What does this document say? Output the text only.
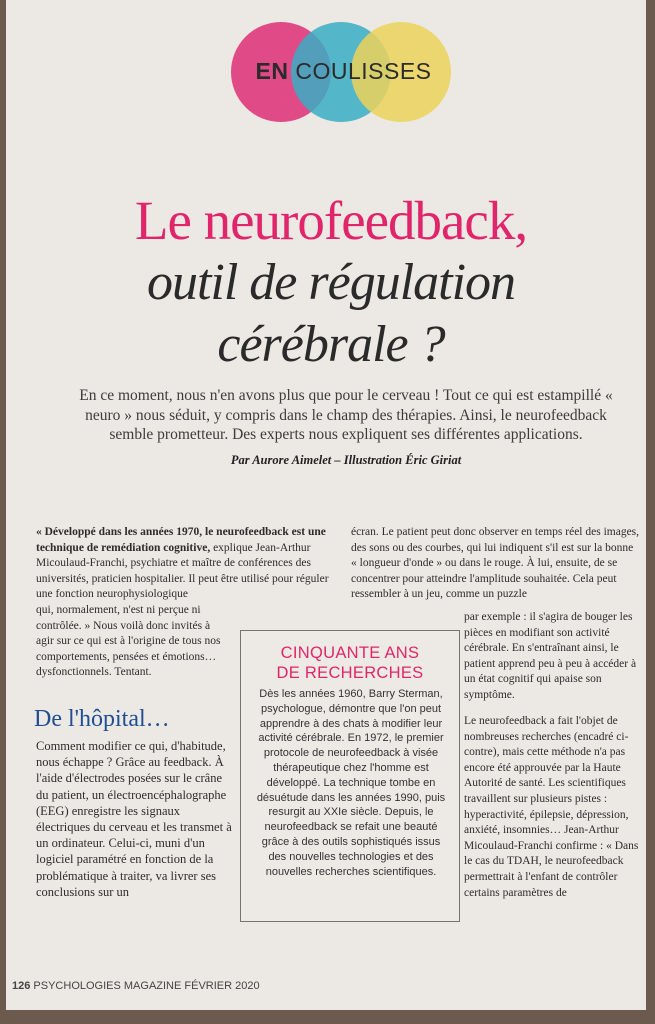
EN COULISSES
Le neurofeedback,
outil de régulation
cérébrale ?
En ce moment, nous n'en avons plus que pour le cerveau ! Tout ce qui est estampillé « neuro » nous séduit, y compris dans le champ des thérapies. Ainsi, le neurofeedback semble prometteur. Des experts nous expliquent ses différentes applications.
Par Aurore Aimelet – Illustration Éric Giriat

« Développé dans les années 1970, le neurofeedback est une technique de remédiation cognitive, explique Jean-Arthur Micoulaud-Franchi, psychiatre et maître de conférences des universités, praticien hospitalier. Il peut être utilisé pour réguler une fonction neurophysiologique

qui, normalement, n'est ni perçue ni contrôlée. » Nous voilà donc invités à agir sur ce qui est à l'origine de tous nos comportements, pensées et émotions… dysfonctionnels. Tentant.

De l'hôpital…

Comment modifier ce qui, d'habitude, nous échappe ? Grâce au feedback. À l'aide d'électrodes posées sur le crâne du patient, un électroencéphalographe (EEG) enregistre les signaux électriques du cerveau et les transmet à un ordinateur. Celui-ci, muni d'un logiciel paramétré en fonction de la problématique à traiter, va livrer ses conclusions sur un

écran. Le patient peut donc observer en temps réel des images, des sons ou des courbes, qui lui indiquent s'il est sur la bonne « longueur d'onde » ou dans le rouge. À lui, ensuite, de se concentrer pour atteindre l'amplitude souhaitée. Cela peut ressembler à un jeu, comme un puzzle

par exemple : il s'agira de bouger les pièces en modifiant son activité cérébrale. En s'entraînant ainsi, le patient apprend peu à peu à accéder à un état cognitif qui apaise son symptôme.

Le neurofeedback a fait l'objet de nombreuses recherches (encadré ci-contre), mais cette méthode n'a pas encore été approuvée par la Haute Autorité de santé. Les scientifiques travaillent sur plusieurs pistes : hyperactivité, épilepsie, dépression, anxiété, insomnies… Jean-Arthur Micoulaud-Franchi confirme : « Dans le cas du TDAH, le neurofeedback permettrait à l'enfant de contrôler certains paramètres de

CINQUANTE ANS
DE RECHERCHES

Dès les années 1960, Barry Sterman, psychologue, démontre que l'on peut apprendre à des chats à modifier leur activité cérébrale. En 1972, le premier protocole de neurofeedback à visée thérapeutique chez l'homme est développé. La technique tombe en désuétude dans les années 1990, puis resurgit au XXIe siècle. Depuis, le neurofeedback se refait une beauté grâce à des outils sophistiqués issus des nouvelles technologies et des nouvelles recherches scientifiques.

126 PSYCHOLOGIES MAGAZINE FÉVRIER 2020
